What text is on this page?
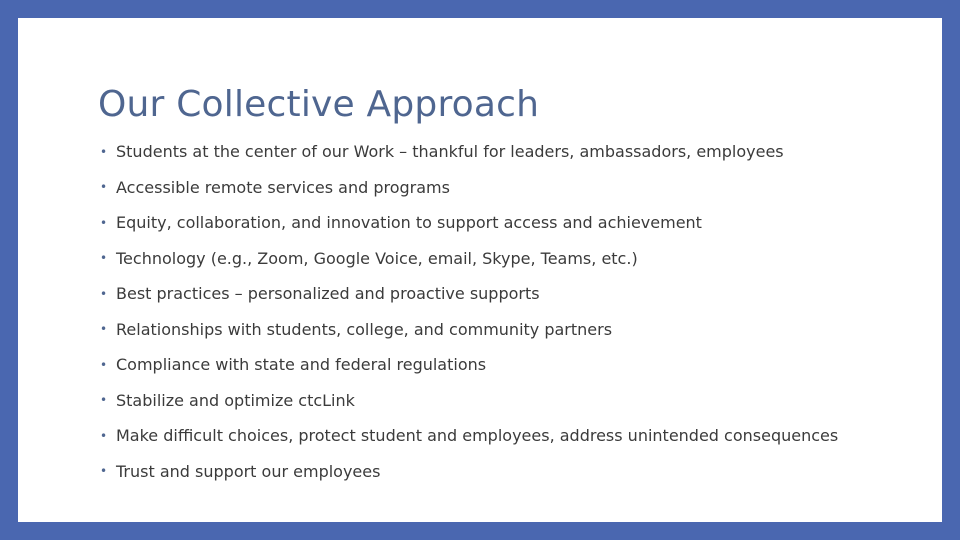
Our Collective Approach
• Students at the center of our Work – thankful for leaders, ambassadors, employees
• Accessible remote services and programs
• Equity, collaboration, and innovation to support access and achievement
• Technology (e.g., Zoom, Google Voice, email, Skype, Teams, etc.)
• Best practices – personalized and proactive supports
• Relationships with students, college, and community partners
• Compliance with state and federal regulations
• Stabilize and optimize ctcLink
• Make difficult choices, protect student and employees, address unintended consequences
• Trust and support our employees
